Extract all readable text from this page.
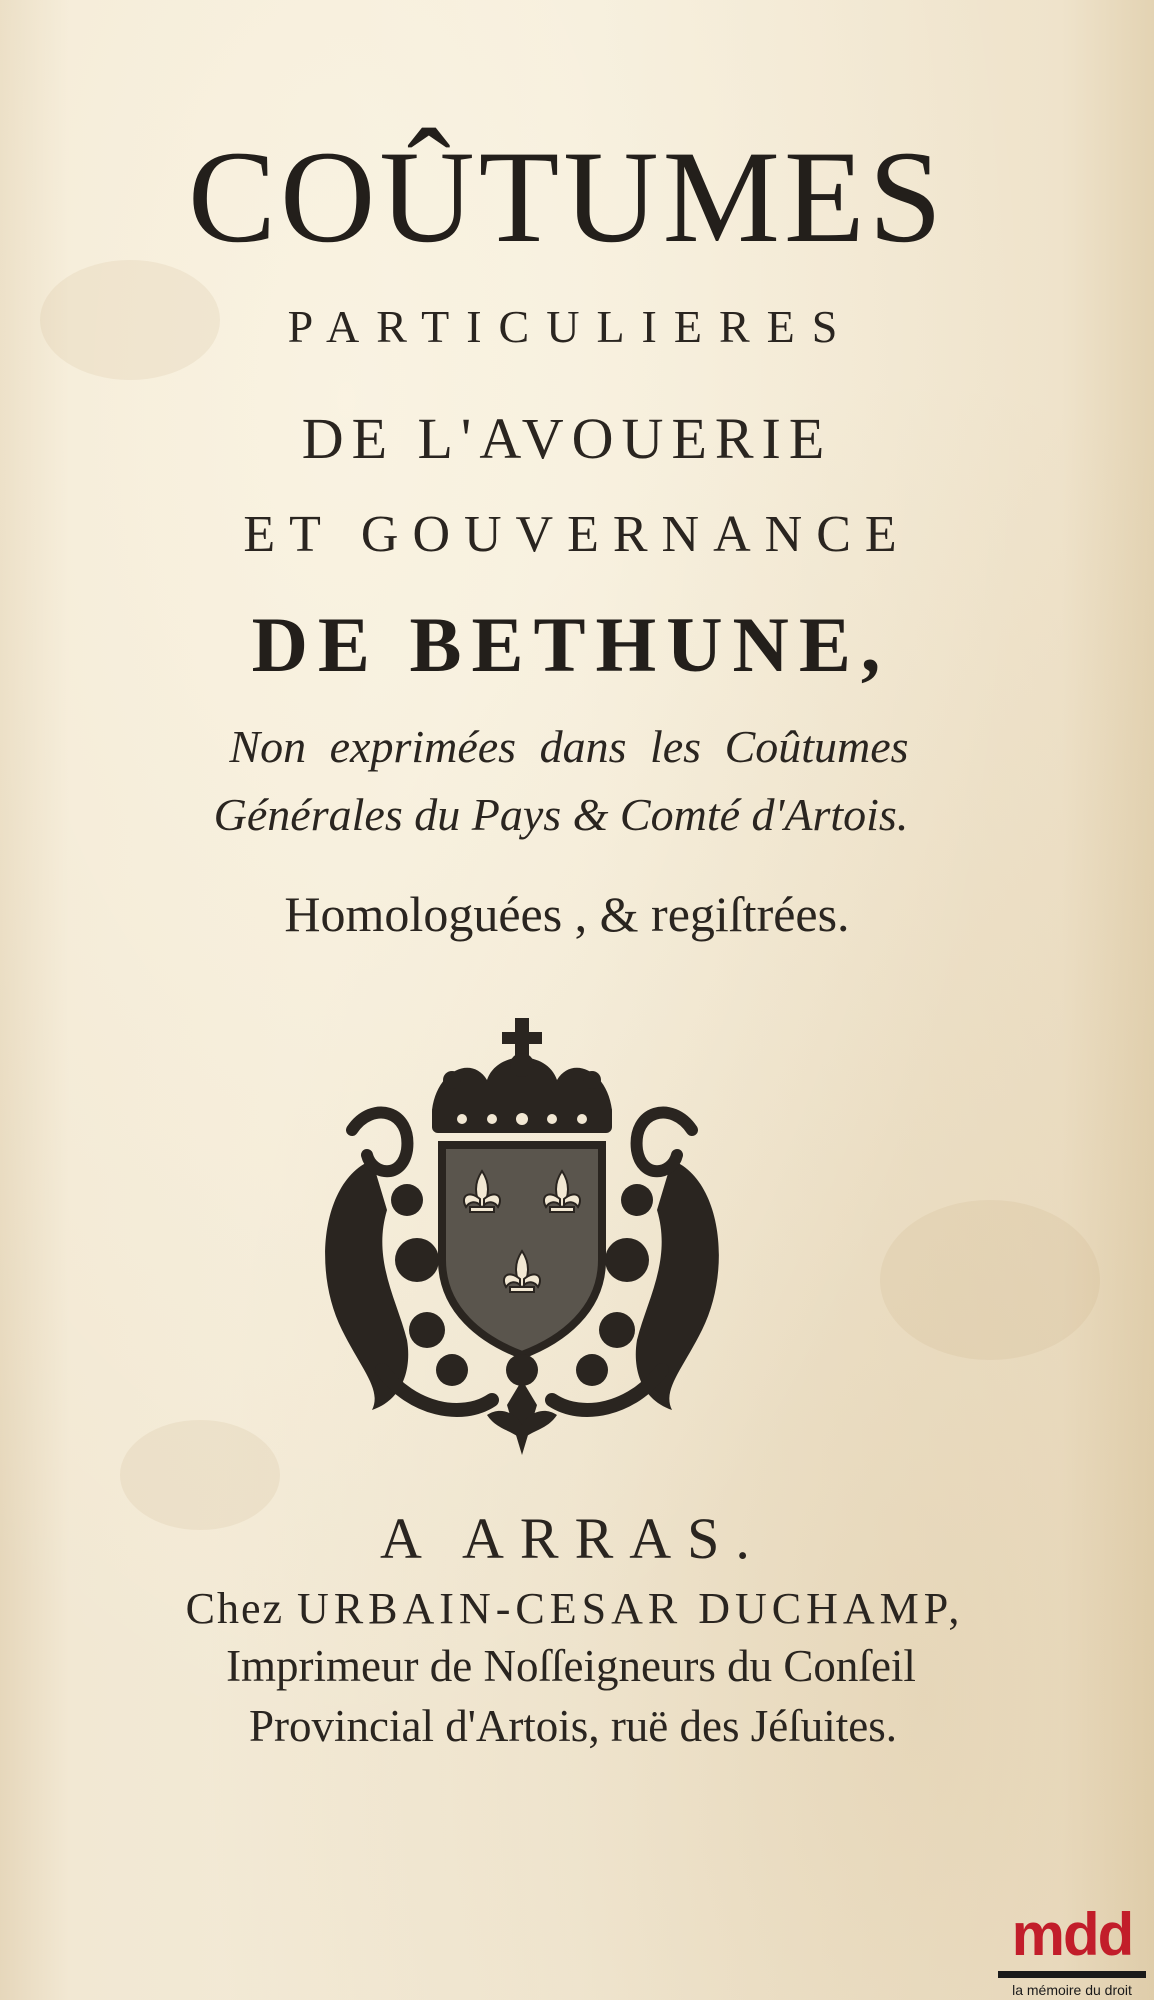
COÛTUMES

PARTICULIERES

DE L'AVOUERIE

ET GOUVERNANCE

DE BETHUNE,

Non exprimées dans les Coûtumes

Générales du Pays & Comté d'Artois.

Homologuées , & regiſtrées.

A ARRAS.

Chez URBAIN-CESAR DUCHAMP,

Imprimeur de Noſſeigneurs du Conſeil

Provincial d'Artois, ruë des Jéſuites.

mdd

la mémoire du droit
